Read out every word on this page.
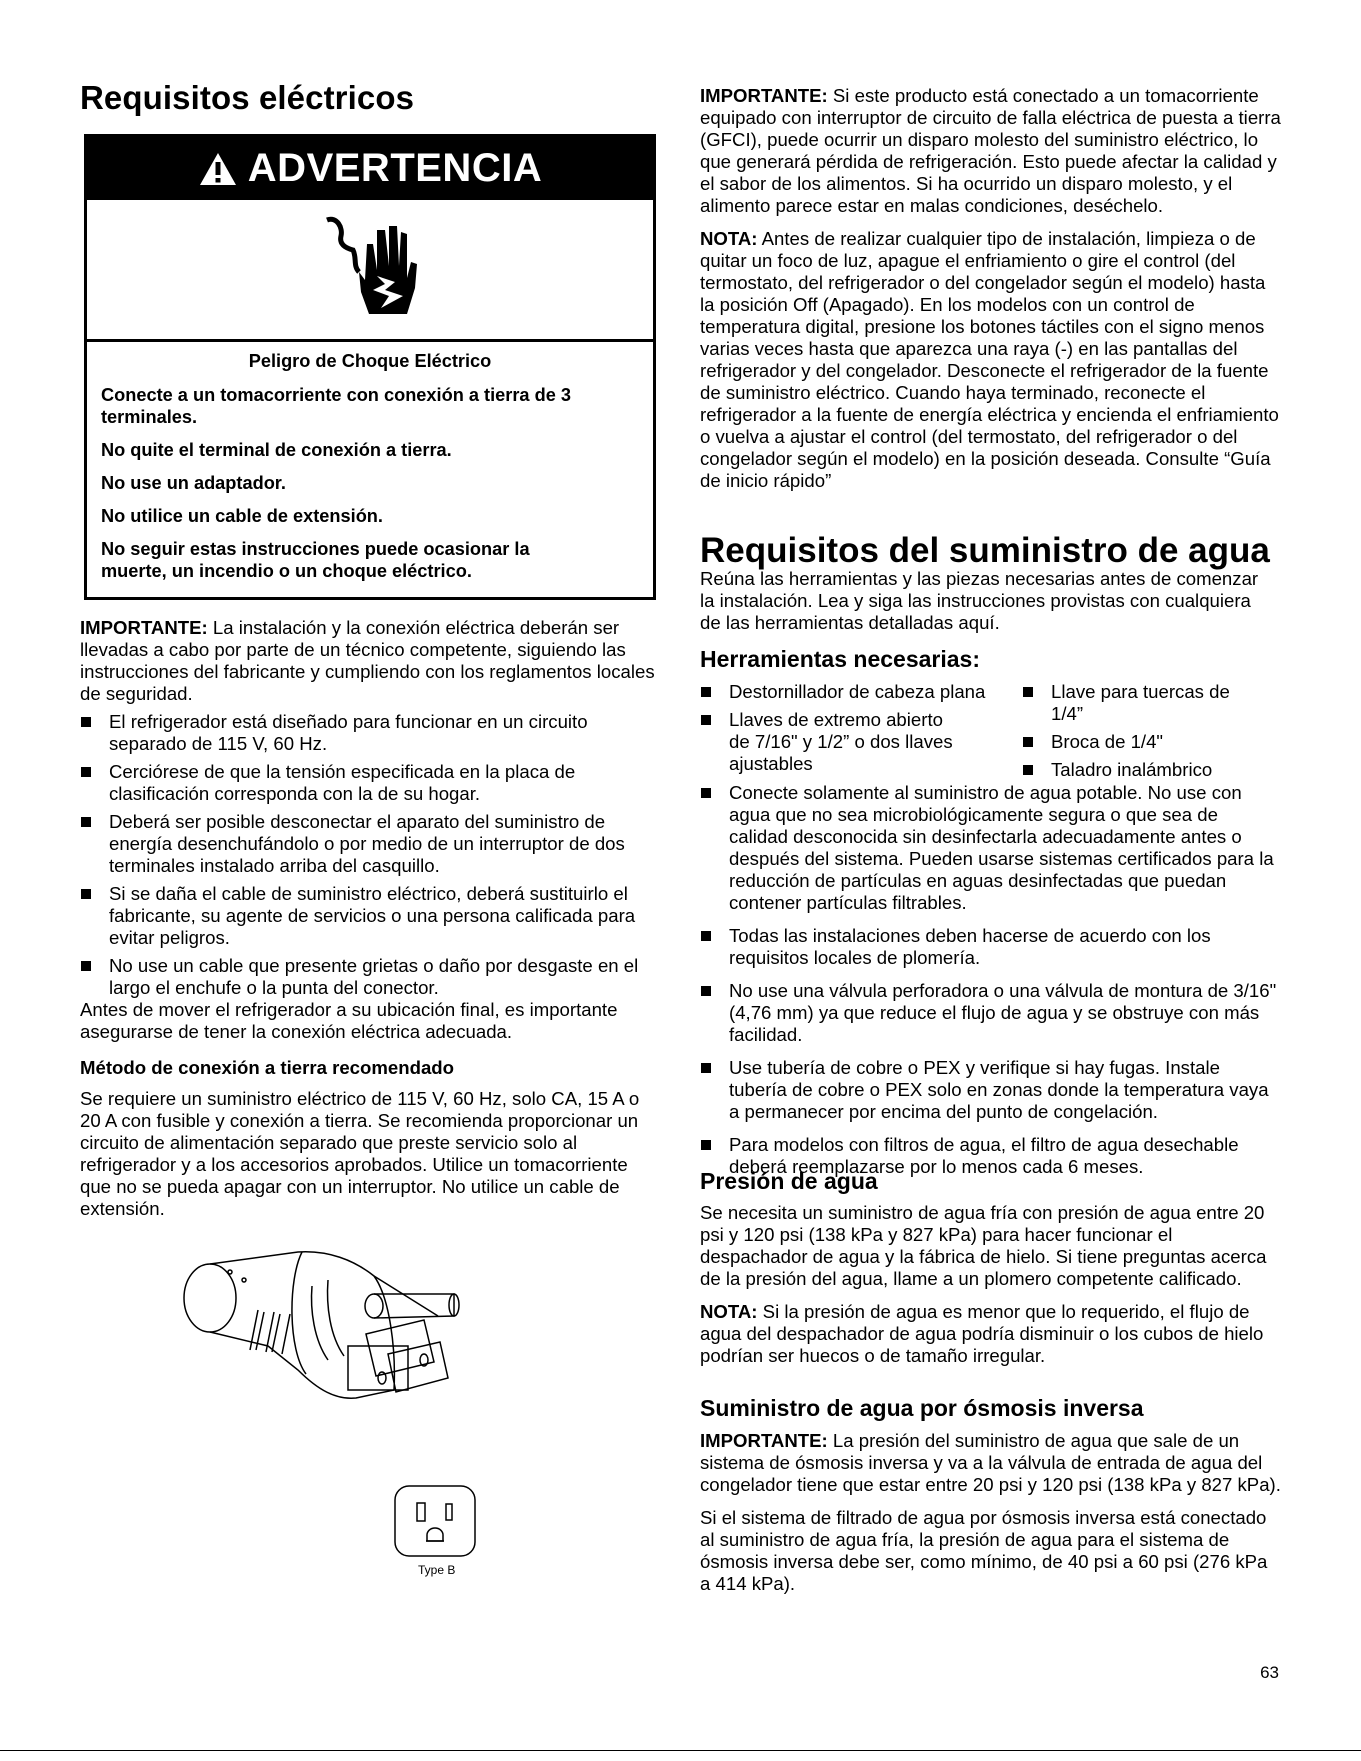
Requisitos eléctricos
ADVERTENCIA

Peligro de Choque Eléctrico

Conecte a un tomacorriente con conexión a tierra de 3 terminales.

No quite el terminal de conexión a tierra.

No use un adaptador.

No utilice un cable de extensión.

No seguir estas instrucciones puede ocasionar la muerte, un incendio o un choque eléctrico.

IMPORTANTE: La instalación y la conexión eléctrica deberán ser llevadas a cabo por parte de un técnico competente, siguiendo las instrucciones del fabricante y cumpliendo con los reglamentos locales de seguridad.

El refrigerador está diseñado para funcionar en un circuito separado de 115 V, 60 Hz.
Cerciórese de que la tensión especificada en la placa de clasificación corresponda con la de su hogar.
Deberá ser posible desconectar el aparato del suministro de energía desenchufándolo o por medio de un interruptor de dos terminales instalado arriba del casquillo.
Si se daña el cable de suministro eléctrico, deberá sustituirlo el fabricante, su agente de servicios o una persona calificada para evitar peligros.
No use un cable que presente grietas o daño por desgaste en el largo el enchufe o la punta del conector.

Antes de mover el refrigerador a su ubicación final, es importante asegurarse de tener la conexión eléctrica adecuada.

Método de conexión a tierra recomendado

Se requiere un suministro eléctrico de 115 V, 60 Hz, solo CA, 15 A o 20 A con fusible y conexión a tierra. Se recomienda proporcionar un circuito de alimentación separado que preste servicio solo al refrigerador y a los accesorios aprobados. Utilice un tomacorriente que no se pueda apagar con un interruptor. No utilice un cable de extensión.

Type B

IMPORTANTE: Si este producto está conectado a un tomacorriente equipado con interruptor de circuito de falla eléctrica de puesta a tierra (GFCI), puede ocurrir un disparo molesto del suministro eléctrico, lo que generará pérdida de refrigeración. Esto puede afectar la calidad y el sabor de los alimentos. Si ha ocurrido un disparo molesto, y el alimento parece estar en malas condiciones, deséchelo.

NOTA: Antes de realizar cualquier tipo de instalación, limpieza o de quitar un foco de luz, apague el enfriamiento o gire el control (del termostato, del refrigerador o del congelador según el modelo) hasta la posición Off (Apagado). En los modelos con un control de temperatura digital, presione los botones táctiles con el signo menos varias veces hasta que aparezca una raya (-) en las pantallas del refrigerador y del congelador. Desconecte el refrigerador de la fuente de suministro eléctrico. Cuando haya terminado, reconecte el refrigerador a la fuente de energía eléctrica y encienda el enfriamiento o vuelva a ajustar el control (del termostato, del refrigerador o del congelador según el modelo) en la posición deseada. Consulte “Guía de inicio rápido”

Requisitos del suministro de agua

Reúna las herramientas y las piezas necesarias antes de comenzar la instalación. Lea y siga las instrucciones provistas con cualquiera de las herramientas detalladas aquí.

Herramientas necesarias:
Destornillador de cabeza plana
Llaves de extremo abierto de 7/16" y 1/2” o dos llaves ajustables
Llave para tuercas de 1/4”
Broca de 1/4"
Taladro inalámbrico
Conecte solamente al suministro de agua potable. No use con agua que no sea microbiológicamente segura o que sea de calidad desconocida sin desinfectarla adecuadamente antes o después del sistema. Pueden usarse sistemas certificados para la reducción de partículas en aguas desinfectadas que puedan contener partículas filtrables.
Todas las instalaciones deben hacerse de acuerdo con los requisitos locales de plomería.
No use una válvula perforadora o una válvula de montura de 3/16" (4,76 mm) ya que reduce el flujo de agua y se obstruye con más facilidad.
Use tubería de cobre o PEX y verifique si hay fugas. Instale tubería de cobre o PEX solo en zonas donde la temperatura vaya a permanecer por encima del punto de congelación.
Para modelos con filtros de agua, el filtro de agua desechable deberá reemplazarse por lo menos cada 6 meses.
Presión de agua

Se necesita un suministro de agua fría con presión de agua entre 20 psi y 120 psi (138 kPa y 827 kPa) para hacer funcionar el despachador de agua y la fábrica de hielo. Si tiene preguntas acerca de la presión del agua, llame a un plomero competente calificado.

NOTA: Si la presión de agua es menor que lo requerido, el flujo de agua del despachador de agua podría disminuir o los cubos de hielo podrían ser huecos o de tamaño irregular.

Suministro de agua por ósmosis inversa

IMPORTANTE: La presión del suministro de agua que sale de un sistema de ósmosis inversa y va a la válvula de entrada de agua del congelador tiene que estar entre 20 psi y 120 psi (138 kPa y 827 kPa).

Si el sistema de filtrado de agua por ósmosis inversa está conectado al suministro de agua fría, la presión de agua para el sistema de ósmosis inversa debe ser, como mínimo, de 40 psi a 60 psi (276 kPa a 414 kPa).

63
